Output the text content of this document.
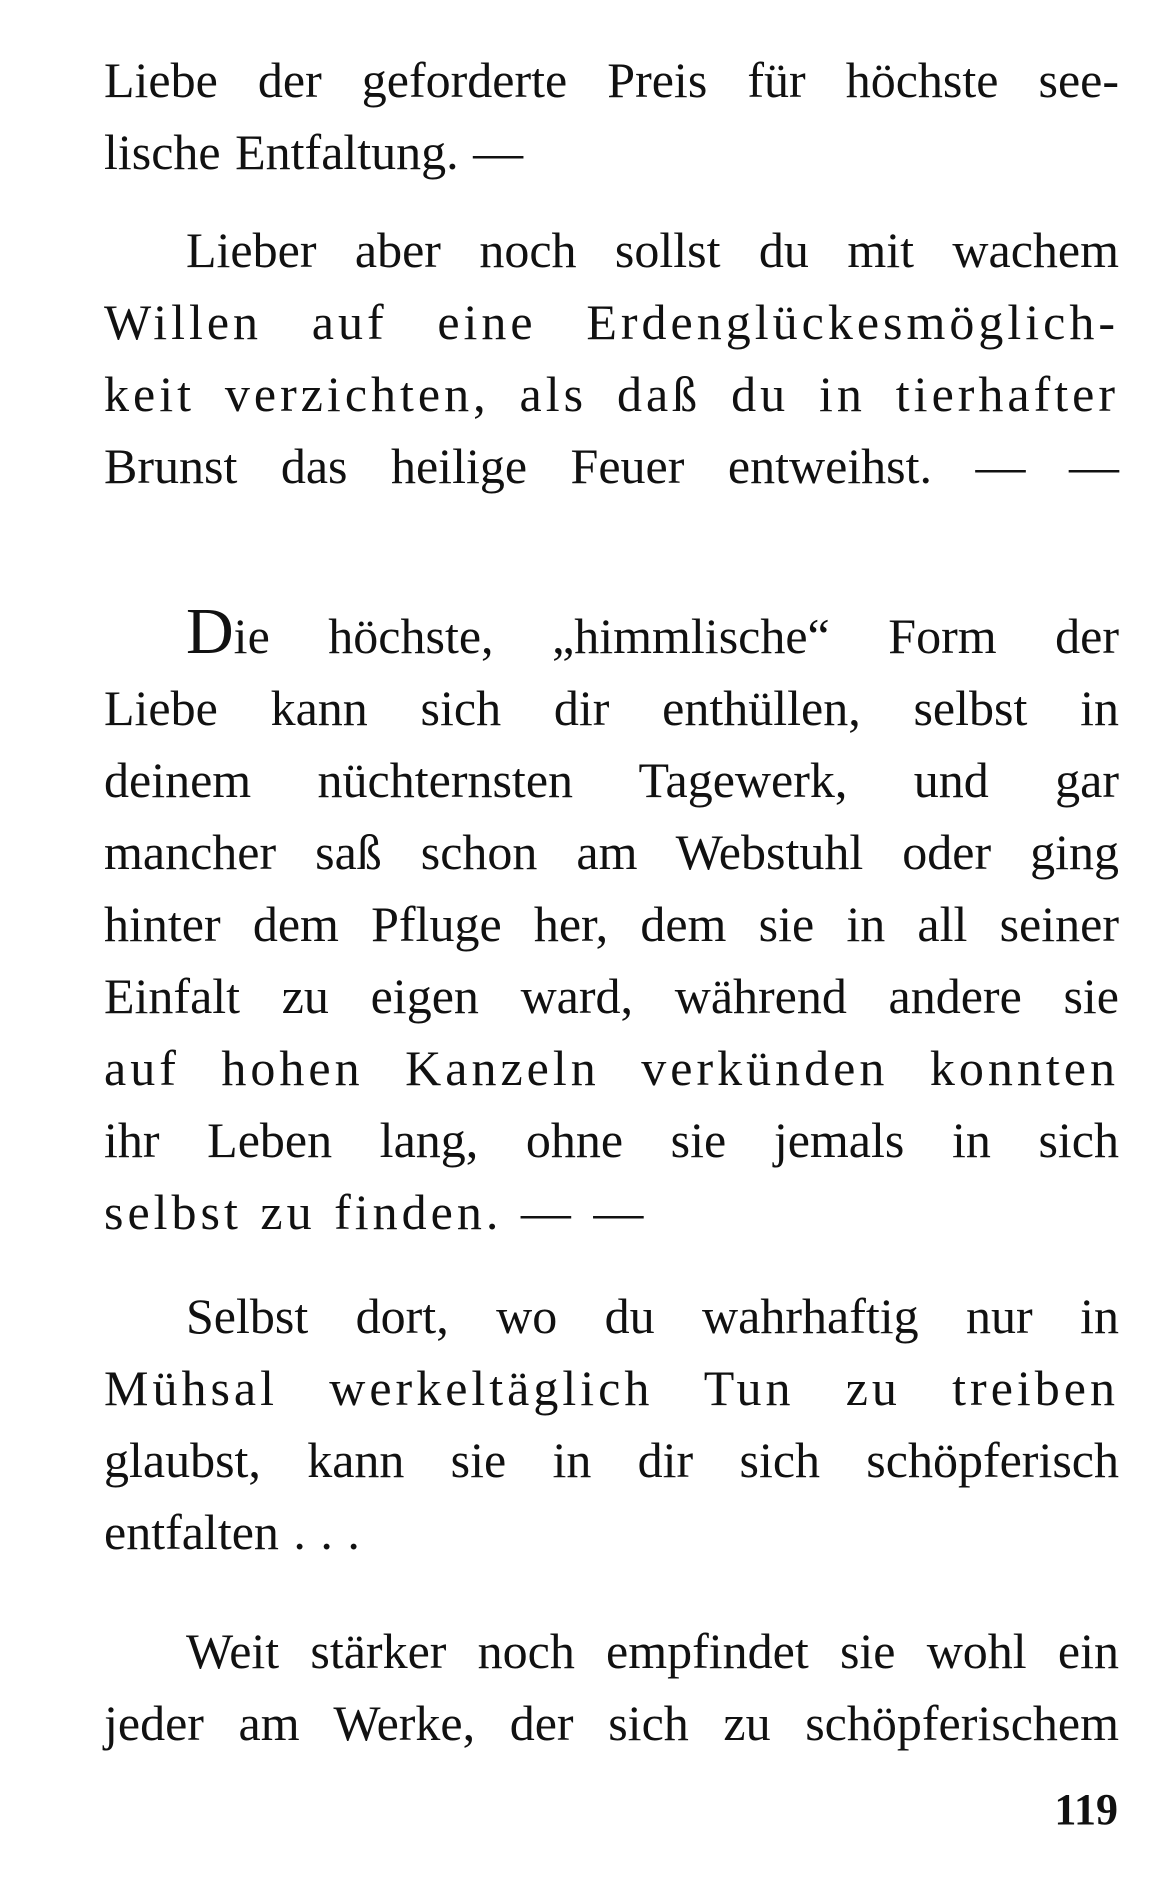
Liebe der geforderte Preis für höchste see-
lische Entfaltung. —
Lieber aber noch sollst du mit wachem
Willen auf eine Erdenglückesmöglich-
keit verzichten, als daß du in tierhafter
Brunst das heilige Feuer entweihst. — —
Die höchste, „himmlische“ Form der
Liebe kann sich dir enthüllen, selbst in
deinem nüchternsten Tagewerk, und gar
mancher saß schon am Webstuhl oder ging
hinter dem Pfluge her, dem sie in all seiner
Einfalt zu eigen ward, während andere sie
auf hohen Kanzeln verkünden konnten
ihr Leben lang, ohne sie jemals in sich
selbst zu finden. — —
Selbst dort, wo du wahrhaftig nur in
Mühsal werkeltäglich Tun zu treiben
glaubst, kann sie in dir sich schöpferisch
entfalten . . .
Weit stärker noch empfindet sie wohl ein
jeder am Werke, der sich zu schöpferischem
119
